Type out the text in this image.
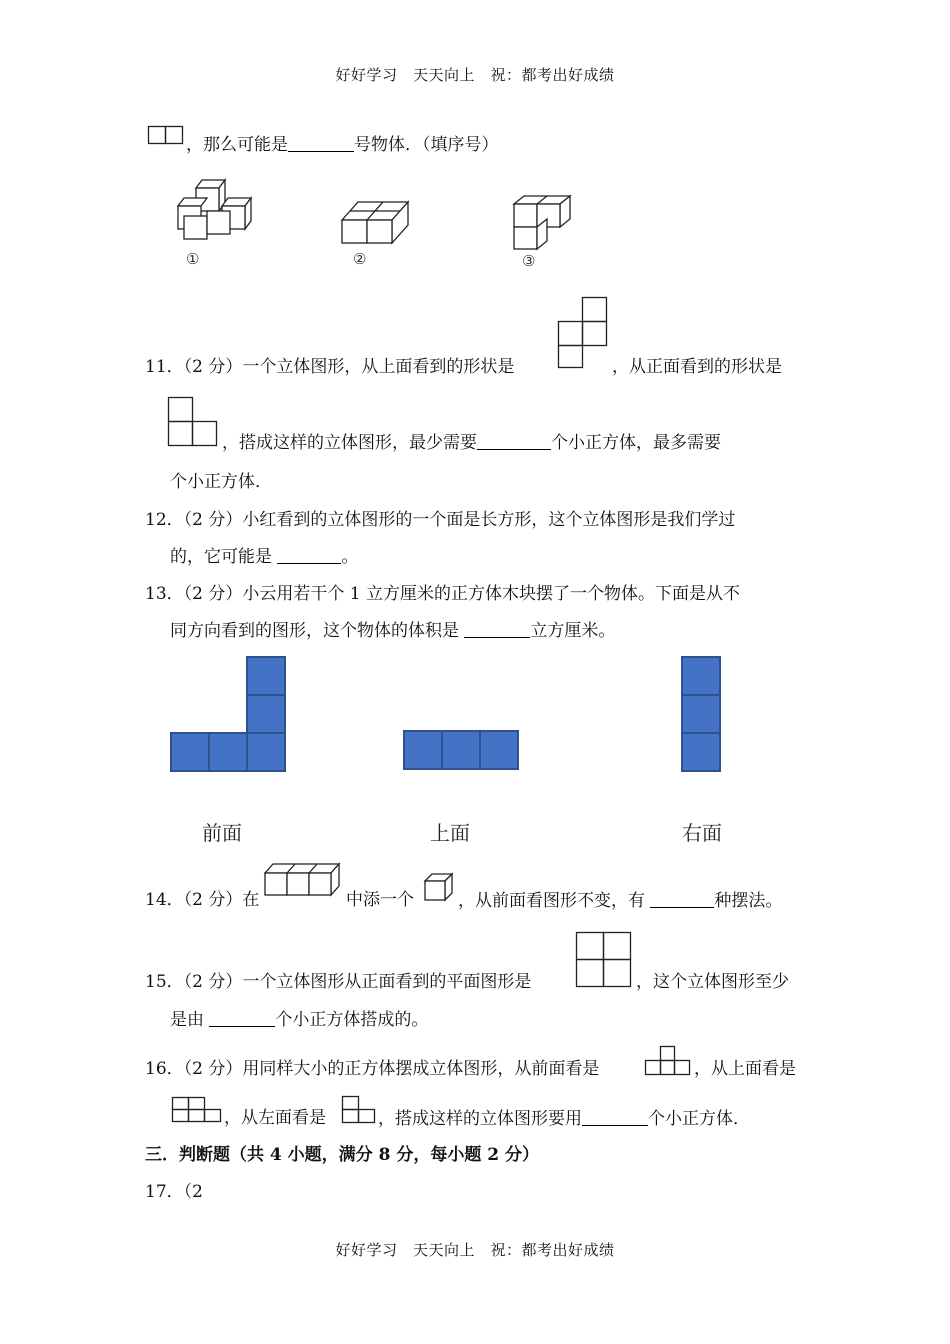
好好学习　天天向上　祝：都考出好成绩
，那么可能是	号物体．（填序号）
①	②	③
11．（2 分）一个立体图形，从上面看到的形状是	，从正面看到的形状是
，搭成这样的立体图形，最少需要	个小正方体，最多需要
个小正方体．
12．（2 分）小红看到的立体图形的一个面是长方形，这个立体图形是我们学过
的，它可能是	。
13．（2 分）小云用若干个 1 立方厘米的正方体木块摆了一个物体。下面是从不
同方向看到的图形，这个物体的体积是	立方厘米。
前面	上面	右面
14．（2 分）在	中添一个	，从前面看图形不变，有	种摆法。
15．（2 分）一个立体图形从正面看到的平面图形是	，这个立体图形至少
是由	个小正方体搭成的。
16．（2 分）用同样大小的正方体摆成立体图形，从前面看是	，从上面看是
，从左面看是	，搭成这样的立体图形要用	个小正方体．
三．判断题（共 4 小题，满分 8 分，每小题 2 分）
17．（2
好好学习　天天向上　祝：都考出好成绩
